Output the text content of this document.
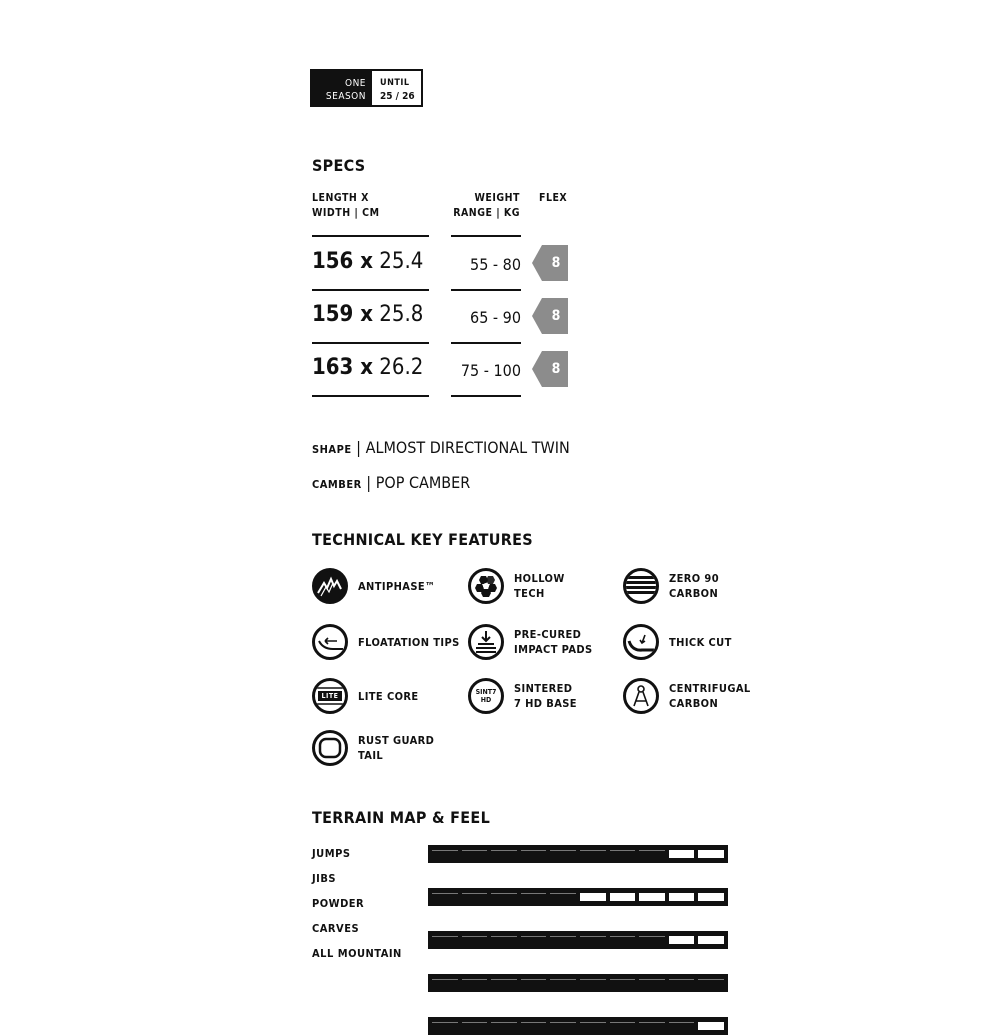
ONE
SEASON
UNTIL
25 / 26
SPECS
LENGTH X
WIDTH | CM
WEIGHT
RANGE | KG
FLEX
156 x 25.4	55 - 80	8
159 x 25.8	65 - 90	8
163 x 26.2	75 - 100	8
SHAPE | ALMOST DIRECTIONAL TWIN
CAMBER | POP CAMBER
TECHNICAL KEY FEATURES
ANTIPHASE™
HOLLOW
TECH
ZERO 90
CARBON
FLOATATION TIPS
PRE-CURED
IMPACT PADS
THICK CUT
LITE LITE CORE	SINT7
HD
SINTERED
7 HD BASE
CENTRIFUGAL
CARBON
RUST GUARD
TAIL
TERRAIN MAP & FEEL
JUMPS
JIBS
POWDER
CARVES
ALL MOUNTAIN
